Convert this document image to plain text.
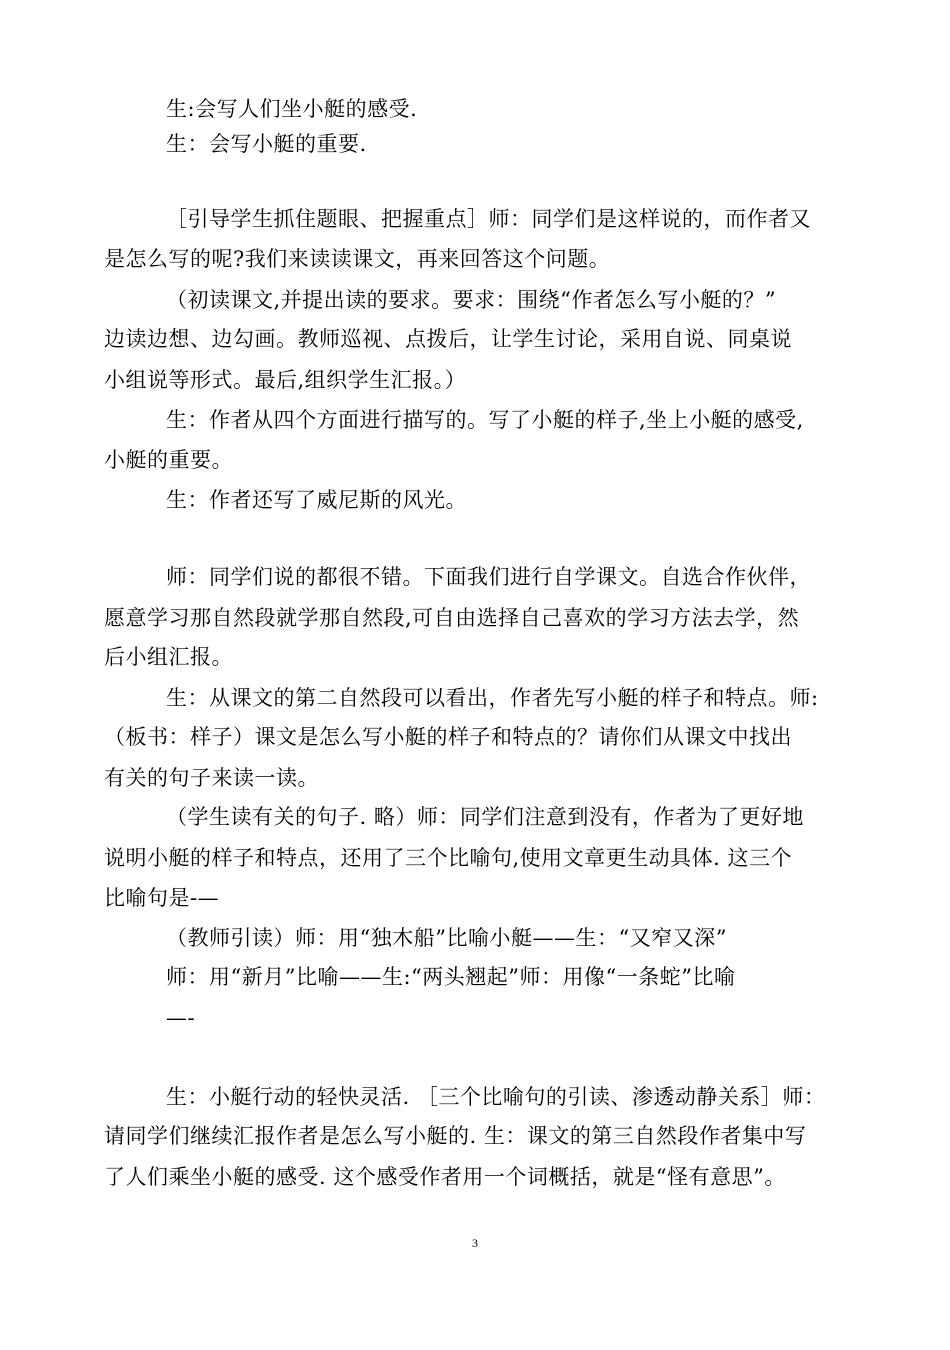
生:会写人们坐小艇的感受.
生：会写小艇的重要.
［引导学生抓住题眼、把握重点］师：同学们是这样说的，而作者又
是怎么写的呢?我们来读读课文，再来回答这个问题。
（初读课文,并提出读的要求。要求：围绕“作者怎么写小艇的？”
边读边想、边勾画。教师巡视、点拨后，让学生讨论，采用自说、同桌说
小组说等形式。最后,组织学生汇报。）
生：作者从四个方面进行描写的。写了小艇的样子,坐上小艇的感受,
小艇的重要。
生：作者还写了威尼斯的风光。
师：同学们说的都很不错。下面我们进行自学课文。自选合作伙伴，
愿意学习那自然段就学那自然段,可自由选择自己喜欢的学习方法去学，然
后小组汇报。
生：从课文的第二自然段可以看出，作者先写小艇的样子和特点。师:
（板书：样子）课文是怎么写小艇的样子和特点的？请你们从课文中找出
有关的句子来读一读。
（学生读有关的句子. 略）师：同学们注意到没有，作者为了更好地
说明小艇的样子和特点，还用了三个比喻句,使用文章更生动具体. 这三个
比喻句是-—
（教师引读）师：用“独木船”比喻小艇——生：“又窄又深”
师：用“新月”比喻——生:“两头翘起”师：用像“一条蛇”比喻
—-
生：小艇行动的轻快灵活. ［三个比喻句的引读、渗透动静关系］师：
请同学们继续汇报作者是怎么写小艇的. 生：课文的第三自然段作者集中写
了人们乘坐小艇的感受. 这个感受作者用一个词概括，就是“怪有意思”。
3
